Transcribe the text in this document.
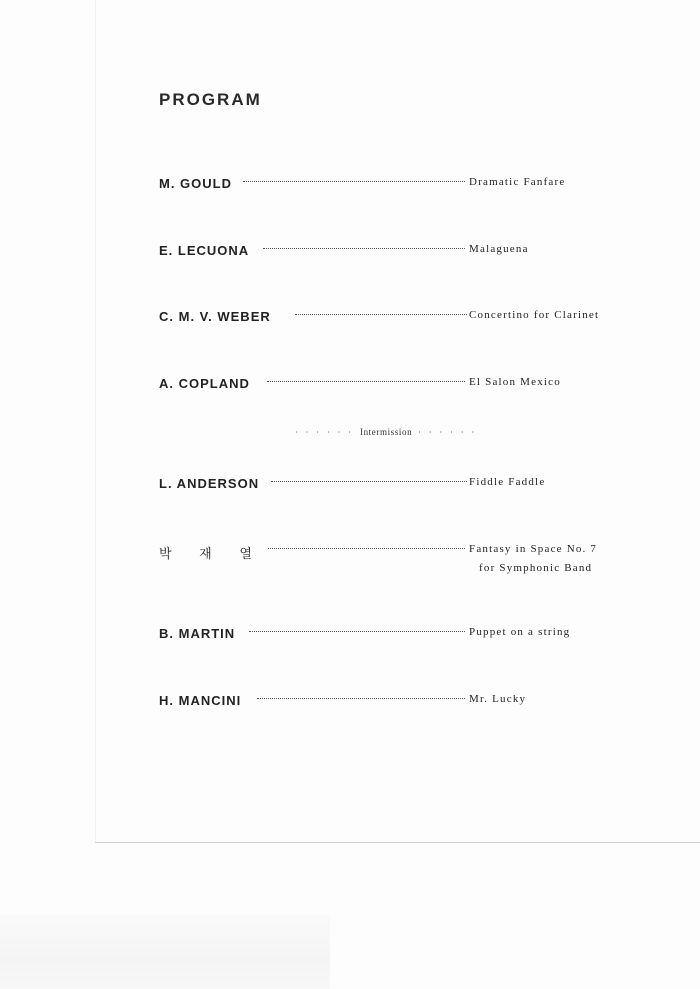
PROGRAM
M. GOULD	Dramatic Fanfare
E. LECUONA	Malaguena
C. M. V. WEBER	Concertino for Clarinet
A. COPLAND	El Salon Mexico
· · · · · · Intermission · · · · · ·
L. ANDERSON	Fiddle Faddle
박 재 열	Fantasy in Space No. 7
for Symphonic Band
B. MARTIN	Puppet on a string
H. MANCINI	Mr. Lucky
